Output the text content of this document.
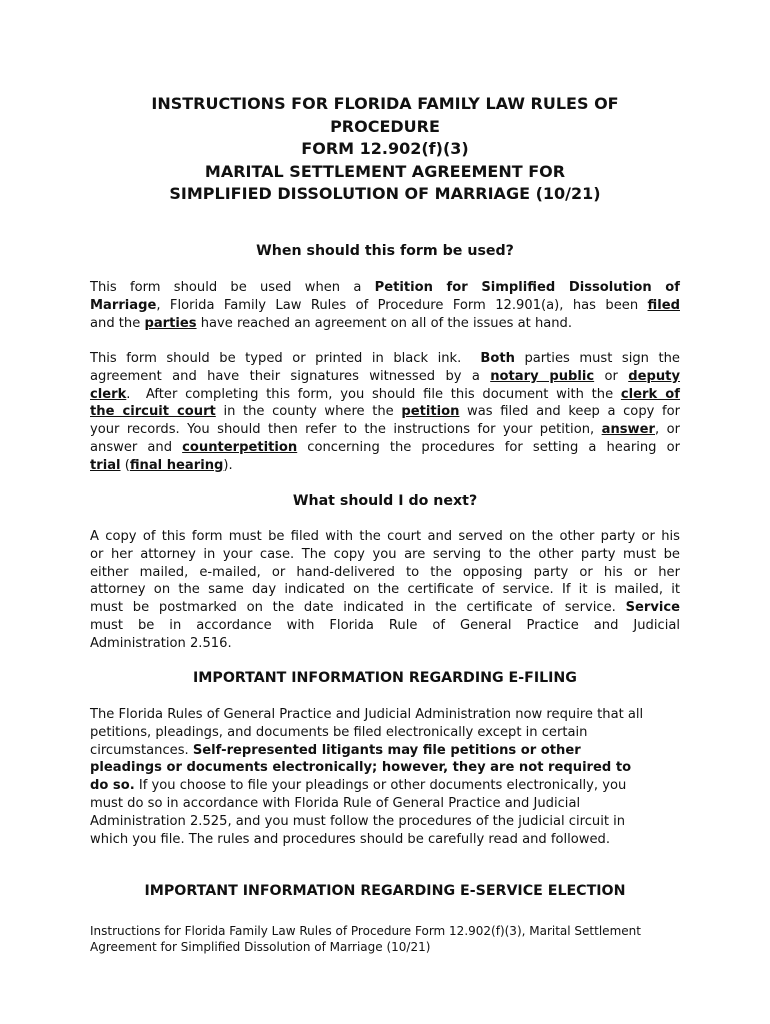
INSTRUCTIONS FOR FLORIDA FAMILY LAW RULES OF
PROCEDURE
FORM 12.902(f)(3)
MARITAL SETTLEMENT AGREEMENT FOR
SIMPLIFIED DISSOLUTION OF MARRIAGE (10/21)
When should this form be used?
This form should be used when a Petition for Simplified Dissolution of
Marriage, Florida Family Law Rules of Procedure Form 12.901(a), has been filed
and the parties have reached an agreement on all of the issues at hand.
This form should be typed or printed in black ink.  Both parties must sign the
agreement and have their signatures witnessed by a notary public or deputy
clerk.  After completing this form, you should file this document with the clerk of
the circuit court in the county where the petition was filed and keep a copy for
your records. You should then refer to the instructions for your petition, answer, or
answer and counterpetition concerning the procedures for setting a hearing or
trial (final hearing).
What should I do next?
A copy of this form must be filed with the court and served on the other party or his
or her attorney in your case. The copy you are serving to the other party must be
either mailed, e-mailed, or hand-delivered to the opposing party or his or her
attorney on the same day indicated on the certificate of service. If it is mailed, it
must be postmarked on the date indicated in the certificate of service. Service
must be in accordance with Florida Rule of General Practice and Judicial
Administration 2.516.
IMPORTANT INFORMATION REGARDING E-FILING
The Florida Rules of General Practice and Judicial Administration now require that all
petitions, pleadings, and documents be filed electronically except in certain
circumstances. Self-represented litigants may file petitions or other
pleadings or documents electronically; however, they are not required to
do so. If you choose to file your pleadings or other documents electronically, you
must do so in accordance with Florida Rule of General Practice and Judicial
Administration 2.525, and you must follow the procedures of the judicial circuit in
which you file. The rules and procedures should be carefully read and followed.
IMPORTANT INFORMATION REGARDING E-SERVICE ELECTION
Instructions for Florida Family Law Rules of Procedure Form 12.902(f)(3), Marital Settlement
Agreement for Simplified Dissolution of Marriage (10/21)
